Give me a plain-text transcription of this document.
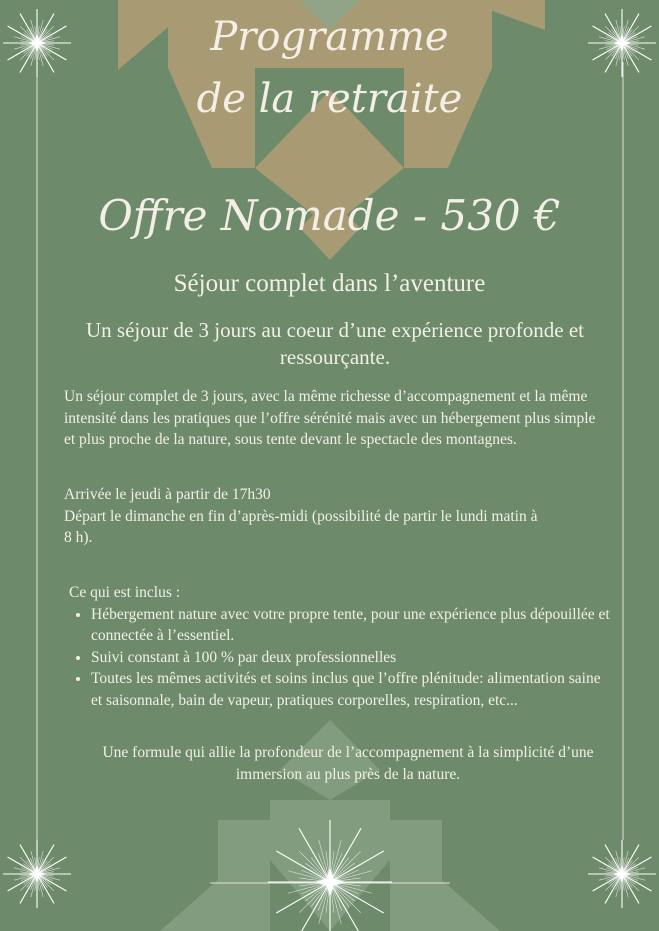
Programme
de la retraite
Offre Nomade - 530 €
Séjour complet dans l’aventure

Un séjour de 3 jours au coeur d’une expérience profonde et ressourçante.

Un séjour complet de 3 jours, avec la même richesse d’accompagnement et la même intensité dans les pratiques que l’offre sérénité mais avec un hébergement plus simple et plus proche de la nature, sous tente devant le spectacle des montagnes.

Arrivée le jeudi à partir de 17h30
Départ le dimanche en fin d’après-midi (possibilité de partir le lundi matin à
8 h).
Ce qui est inclus :
• Hébergement nature avec votre propre tente, pour une expérience plus dépouillée et connectée à l’essentiel.
• Suivi constant à 100 % par deux professionnelles
• Toutes les mêmes activités et soins inclus que l’offre plénitude: alimentation saine et saisonnale, bain de vapeur, pratiques corporelles, respiration, etc...

Une formule qui allie la profondeur de l’accompagnement à la simplicité d’une immersion au plus près de la nature.
